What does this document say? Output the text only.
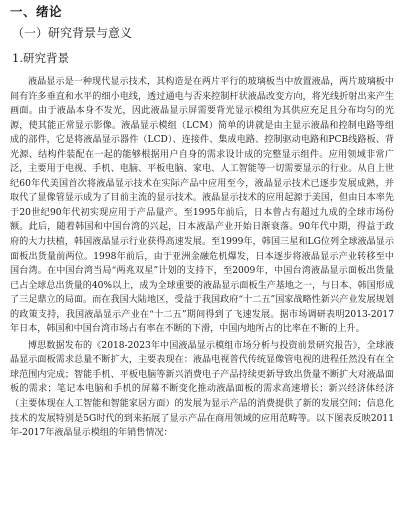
一、绪论
（一）研究背景与意义
1.研究背景

液晶显示是一种现代显示技术，其构造是在两片平行的玻璃板当中放置液晶，两片玻璃板中间有许多垂直和水平的细小电线，透过通电与否来控制杆状液晶改变方向，将光线折射出来产生画面。由于液晶本身不发光，因此液晶显示屏需要背光显示模组为其供应充足且分布均匀的光源，使其能正常显示影像。液晶显示模组（LCM）简单的讲就是由主显示液晶和控制电路等组成的部件，它是将液晶显示器件（LCD）、连接件、集成电路、控制驱动电路和PCB线路板、背光源、结构件装配在一起的能够根据用户自身的需求设计成的完整显示组件。应用领域非常广泛，主要用于电视、手机、电脑、平板电脑、家电、人工智能等一切需要显示的行业。从自上世纪60年代美国首次将液晶显示技术在实际产品中应用至今，液晶显示技术已逐步发展成熟，并取代了显像管显示成为了目前主流的显示技术。液晶显示技术的应用起源于美国，但由日本率先于20世纪90年代初实现应用于产品量产。至1995年前后，日本曾占有超过九成的全球市场份额。此后，随着韩国和中国台湾的兴起，日本液晶产业开始日渐衰落。90年代中期，得益于政府的大力扶植，韩国液晶显示行业获得高速发展。至1999年，韩国三星和LG位列全球液晶显示面板出货量前两位。1998年前后，由于亚洲金融危机爆发，日本逐步将液晶显示产业转移至中国台湾。在中国台湾当局“两兆双星”计划的支持下，至2009年，中国台湾液晶显示面板出货量已占全球总出货量的40%以上，成为全球重要的液晶显示面板生产基地之一，与日本、韩国形成了三足鼎立的局面。而在我国大陆地区，受益于我国政府“十二五”国家战略性新兴产业发展规划的政策支持，我国液晶显示产业在“十二五”期间得到了飞速发展。据市场调研表明2013-2017年日本，韩国和中国台湾市场占有率在不断的下滑，中国内地所占的比率在不断的上升。

博思数据发布的《2018-2023年中国液晶显示模组市场分析与投资前景研究报告》，全球液晶显示面板需求总量不断扩大，主要表现在：液晶电视普代传统显像管电视的进程任然没有在全球范围内完成；智能手机、平板电脑等新兴消费电子产品持续更新导致出货量不断扩大对液晶面板的需求；笔记本电脑和手机的屏幕不断变化推动液晶面板的需求高速增长；新兴经济体经济（主要体现在人工智能和智能家居方面）的发展为显示产品的消费提供了新的发展空间；信息化技术的发展特别是5G时代的到来拓展了显示产品在商用领域的应用范畴等。以下图表反映2011年-2017年液晶显示模组的年销售情况：
